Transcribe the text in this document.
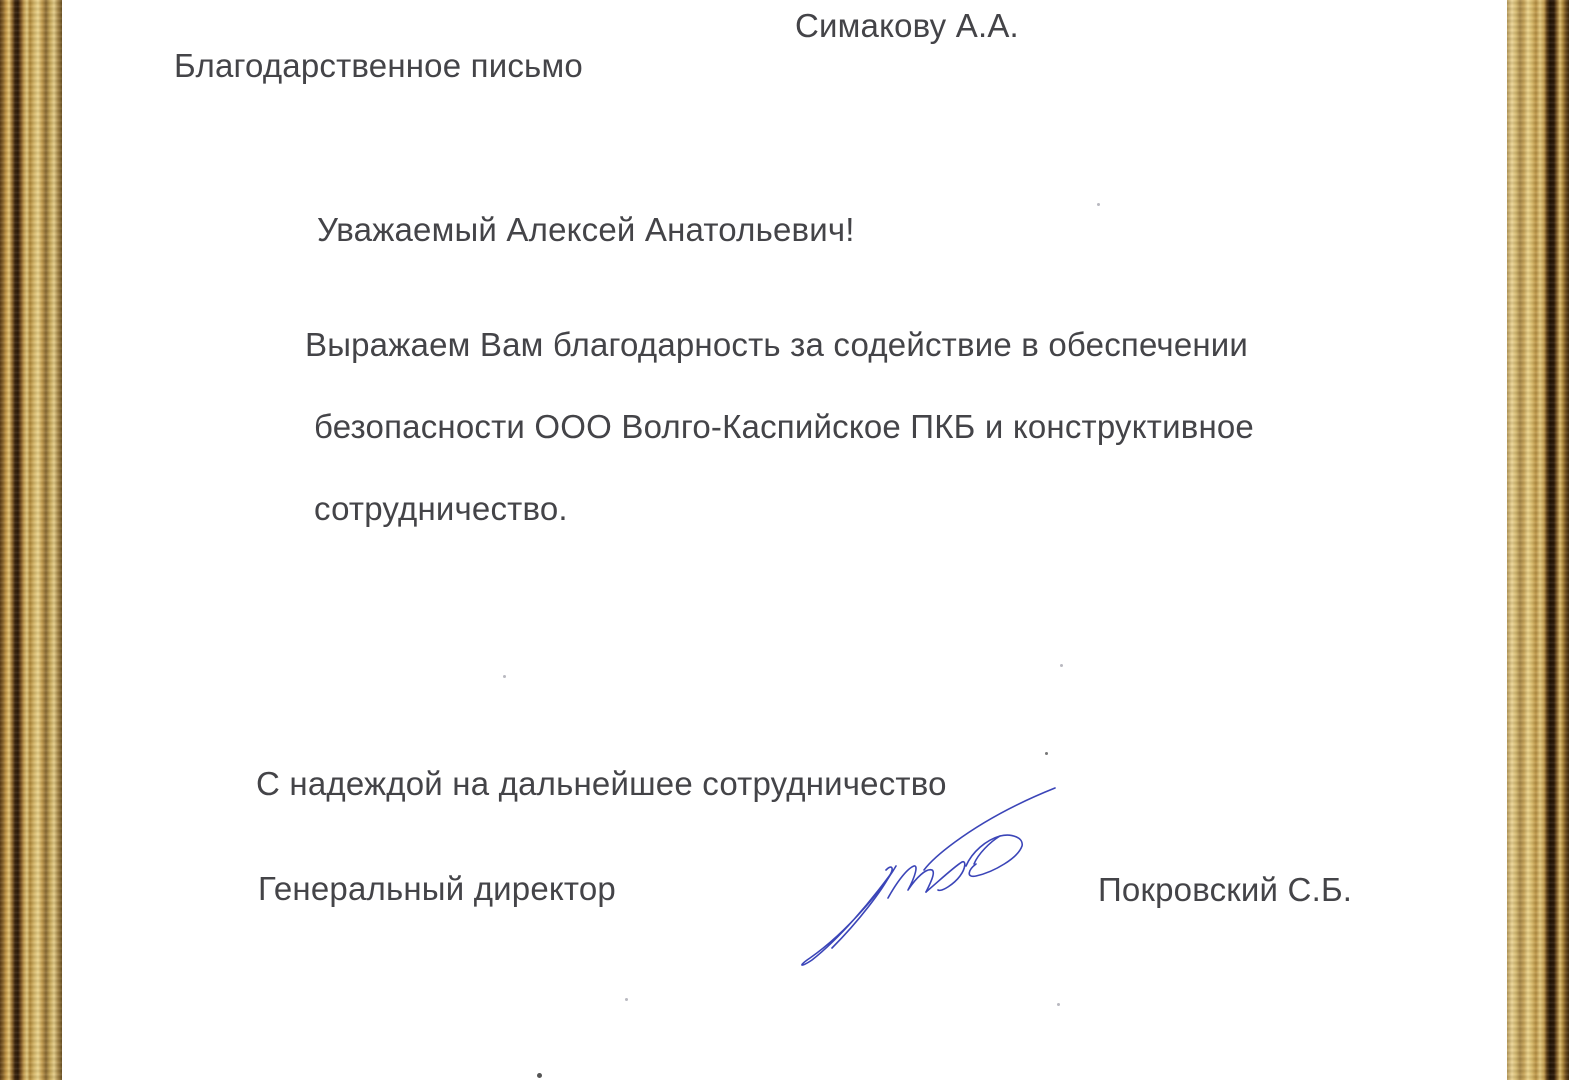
Симакову А.А.
Благодарственное письмо
Уважаемый Алексей Анатольевич!
Выражаем Вам благодарность за содействие в обеспечении
безопасности ООО Волго-Каспийское ПКБ и конструктивное
сотрудничество.
С надеждой на дальнейшее сотрудничество
Генеральный директор	Покровский С.Б.
